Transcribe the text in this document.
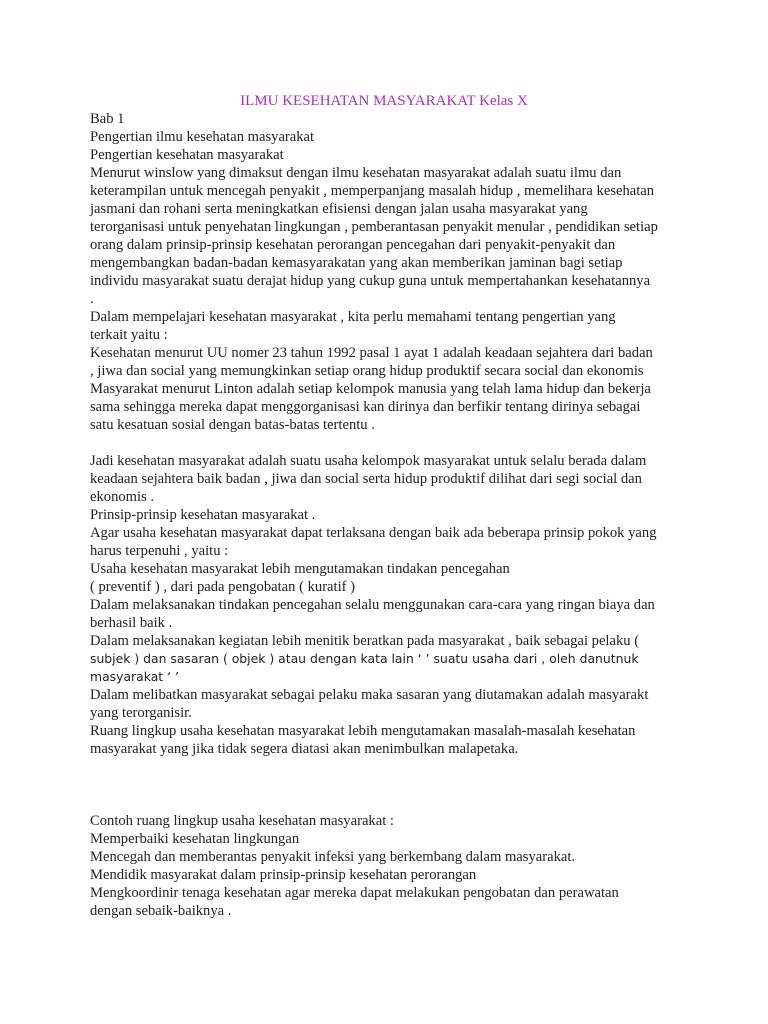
ILMU KESEHATAN MASYARAKAT Kelas X
Bab 1
Pengertian ilmu kesehatan masyarakat
Pengertian kesehatan masyarakat
Menurut winslow yang dimaksut dengan ilmu kesehatan masyarakat adalah suatu ilmu dan
keterampilan untuk mencegah penyakit , memperpanjang masalah hidup , memelihara kesehatan
jasmani dan rohani serta meningkatkan efisiensi dengan jalan usaha masyarakat yang
terorganisasi untuk penyehatan lingkungan , pemberantasan penyakit menular , pendidikan setiap
orang dalam prinsip-prinsip kesehatan perorangan pencegahan dari penyakit-penyakit dan
mengembangkan badan-badan kemasyarakatan yang akan memberikan jaminan bagi setiap
individu masyarakat suatu derajat hidup yang cukup guna untuk mempertahankan kesehatannya
.
Dalam mempelajari kesehatan masyarakat , kita perlu memahami tentang pengertian yang
terkait yaitu :
Kesehatan menurut UU nomer 23 tahun 1992 pasal 1 ayat 1 adalah keadaan sejahtera dari badan
, jiwa dan social yang memungkinkan setiap orang hidup produktif secara social dan ekonomis
Masyarakat menurut Linton adalah setiap kelompok manusia yang telah lama hidup dan bekerja
sama sehingga mereka dapat menggorganisasi kan dirinya dan berfikir tentang dirinya sebagai
satu kesatuan sosial dengan batas-batas tertentu .
Jadi kesehatan masyarakat adalah suatu usaha kelompok masyarakat untuk selalu berada dalam
keadaan sejahtera baik badan , jiwa dan social serta hidup produktif dilihat dari segi social dan
ekonomis .
Prinsip-prinsip kesehatan masyarakat .
Agar usaha kesehatan masyarakat dapat terlaksana dengan baik ada beberapa prinsip pokok yang
harus terpenuhi , yaitu :
Usaha kesehatan masyarakat lebih mengutamakan tindakan pencegahan
( preventif ) , dari pada pengobatan ( kuratif )
Dalam melaksanakan tindakan pencegahan selalu menggunakan cara-cara yang ringan biaya dan
berhasil baik .
Dalam melaksanakan kegiatan lebih menitik beratkan pada masyarakat , baik sebagai pelaku (
subjek ) dan sasaran ( objek ) atau dengan kata lain ‘ ’ suatu usaha dari , oleh danutnuk
masyarakat ‘ ’
Dalam melibatkan masyarakat sebagai pelaku maka sasaran yang diutamakan adalah masyarakt
yang terorganisir.
Ruang lingkup usaha kesehatan masyarakat lebih mengutamakan masalah-masalah kesehatan
masyarakat yang jika tidak segera diatasi akan menimbulkan malapetaka.
Contoh ruang lingkup usaha kesehatan masyarakat :
Memperbaiki kesehatan lingkungan
Mencegah dan memberantas penyakit infeksi yang berkembang dalam masyarakat.
Mendidik masyarakat dalam prinsip-prinsip kesehatan perorangan
Mengkoordinir tenaga kesehatan agar mereka dapat melakukan pengobatan dan perawatan
dengan sebaik-baiknya .
